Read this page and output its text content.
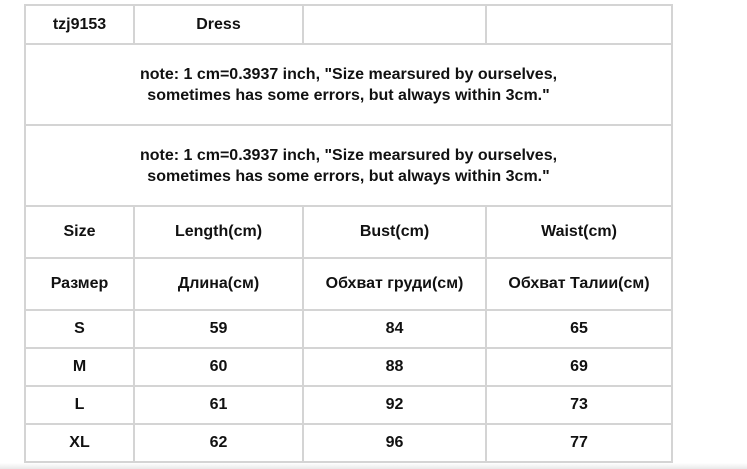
tzj9153	Dress		

note: 1 cm=0.3937 inch, "Size mearsured by ourselves,
sometimes has some errors, but always within 3cm."			

note: 1 cm=0.3937 inch, "Size mearsured by ourselves,
sometimes has some errors, but always within 3cm."			

Size	Length(cm)	Bust(cm)	Waist(cm)
Размер	Длина(см)	Обхват груди(см)	Обхват Талии(см)
S	59	84	65
M	60	88	69
L	61	92	73
XL	62	96	77
